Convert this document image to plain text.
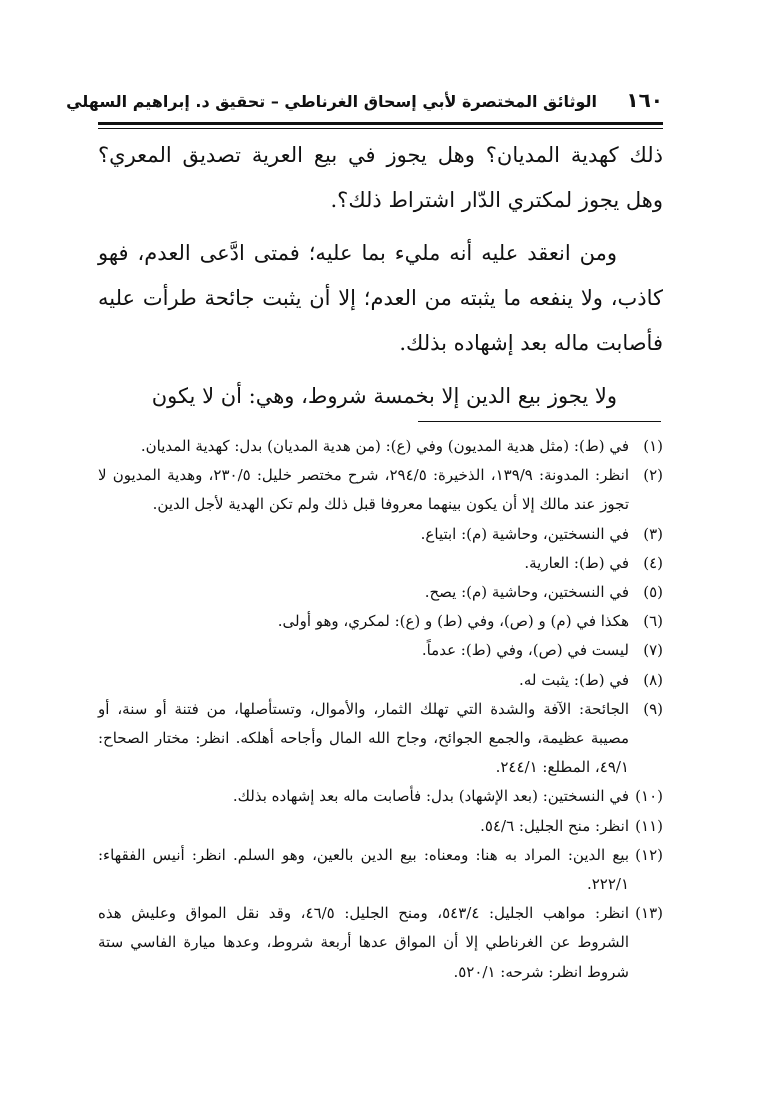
١٦٠
الوثائق المختصرة لأبي إسحاق الغرناطي – تحقيق د. إبراهيم السهلي

ذلك كهدية المديان؟ وهل يجوز في بيع العرية تصديق المعري؟ وهل يجوز لمكتري الدّار اشتراط ذلك؟.

ومن انعقد عليه أنه مليء بما عليه؛ فمتى ادَّعى العدم، فهو كاذب، ولا ينفعه ما يثبته من العدم؛ إلا أن يثبت جائحة طرأت عليه فأصابت ماله بعد إشهاده بذلك.

ولا يجوز بيع الدين إلا بخمسة شروط، وهي: أن لا يكون

(١)في (ط): (مثل هدية المديون) وفي (ع): (من هدية المديان) بدل: كهدية المديان.

(٢)انظر: المدونة: ١٣٩/٩، الذخيرة: ٢٩٤/٥، شرح مختصر خليل: ٢٣٠/٥، وهدية المديون لا تجوز عند مالك إلا أن يكون بينهما معروفا قبل ذلك ولم تكن الهدية لأجل الدين.

(٣)في النسختين، وحاشية (م): ابتياع.

(٤)في (ط): العارية.

(٥)في النسختين، وحاشية (م): يصح.

(٦)هكذا في (م) و (ص)، وفي (ط) و (ع): لمكري، وهو أولى.

(٧)ليست في (ص)، وفي (ط): عدماً.

(٨)في (ط): يثبت له.

(٩)الجائحة: الآفة والشدة التي تهلك الثمار، والأموال، وتستأصلها، من فتنة أو سنة، أو مصيبة عظيمة، والجمع الجوائح، وجاح الله المال وأجاحه أهلكه. انظر: مختار الصحاح: ٤٩/١، المطلع: ٢٤٤/١.

(١٠)في النسختين: (بعد الإشهاد) بدل: فأصابت ماله بعد إشهاده بذلك.

(١١)انظر: منح الجليل: ٥٤/٦.

(١٢)بيع الدين: المراد به هنا: ومعناه: بيع الدين بالعين، وهو السلم. انظر: أنيس الفقهاء: ٢٢٢/١.

(١٣)انظر: مواهب الجليل: ٥٤٣/٤، ومنح الجليل: ٤٦/٥، وقد نقل المواق وعليش هذه الشروط عن الغرناطي إلا أن المواق عدها أربعة شروط، وعدها ميارة الفاسي ستة شروط انظر: شرحه: ٥٢٠/١.
